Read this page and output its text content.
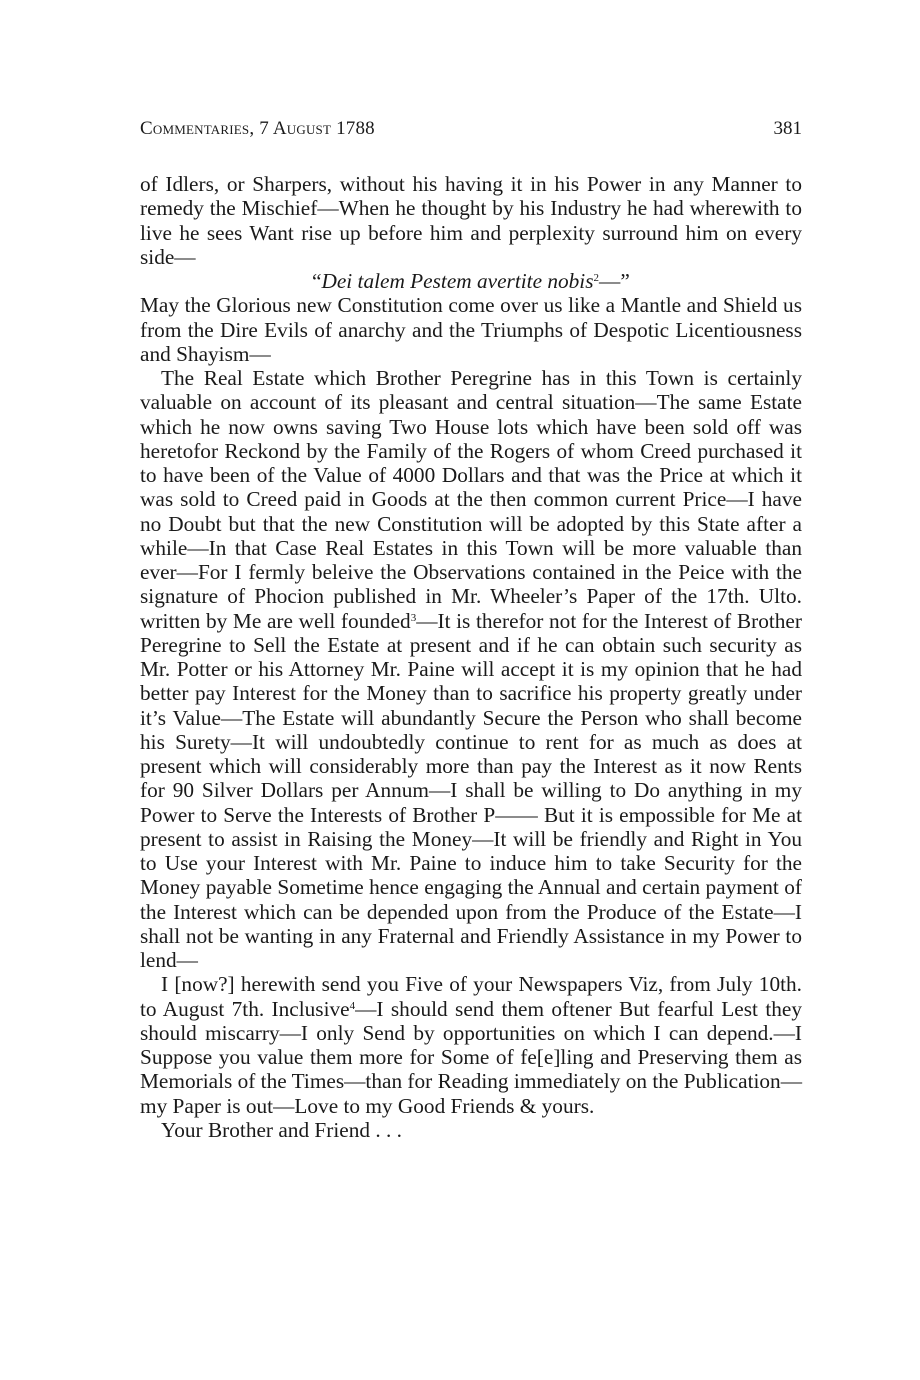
Commentaries, 7 August 1788	381

of Idlers, or Sharpers, without his having it in his Power in any Manner to remedy the Mischief—When he thought by his Industry he had wherewith to live he sees Want rise up before him and perplexity surround him on every side—

“Dei talem Pestem avertite nobis$^2$—”

May the Glorious new Constitution come over us like a Mantle and Shield us from the Dire Evils of anarchy and the Triumphs of Despotic Licentiousness and Shayism—

The Real Estate which Brother Peregrine has in this Town is certainly valuable on account of its pleasant and central situation—The same Estate which he now owns saving Two House lots which have been sold off was heretofor Reckond by the Family of the Rogers of whom Creed purchased it to have been of the Value of 4000 Dollars and that was the Price at which it was sold to Creed paid in Goods at the then common current Price—I have no Doubt but that the new Constitution will be adopted by this State after a while—In that Case Real Estates in this Town will be more valuable than ever—For I fermly beleive the Observations contained in the Peice with the signature of Phocion published in Mr. Wheeler’s Paper of the 17th. Ulto. written by Me are well founded$^3$—It is therefor not for the Interest of Brother Peregrine to Sell the Estate at present and if he can obtain such security as Mr. Potter or his Attorney Mr. Paine will accept it is my opinion that he had better pay Interest for the Money than to sacrifice his property greatly under it’s Value—The Estate will abundantly Secure the Person who shall become his Surety—It will undoubtedly continue to rent for as much as does at present which will considerably more than pay the Interest as it now Rents for 90 Silver Dollars per Annum—I shall be willing to Do anything in my Power to Serve the Interests of Brother P—— But it is empossible for Me at present to assist in Raising the Money—It will be friendly and Right in You to Use your Interest with Mr. Paine to induce him to take Security for the Money payable Sometime hence engaging the Annual and certain payment of the Interest which can be depended upon from the Produce of the Estate—I shall not be wanting in any Fraternal and Friendly Assistance in my Power to lend—

I [now?] herewith send you Five of your Newspapers Viz, from July 10th. to August 7th. Inclusive$^4$—I should send them oftener But fearful Lest they should miscarry—I only Send by opportunities on which I can depend.—I Suppose you value them more for Some of fe[e]ling and Preserving them as Memorials of the Times—than for Reading immediately on the Publication—my Paper is out—Love to my Good Friends & yours.

Your Brother and Friend . . .
